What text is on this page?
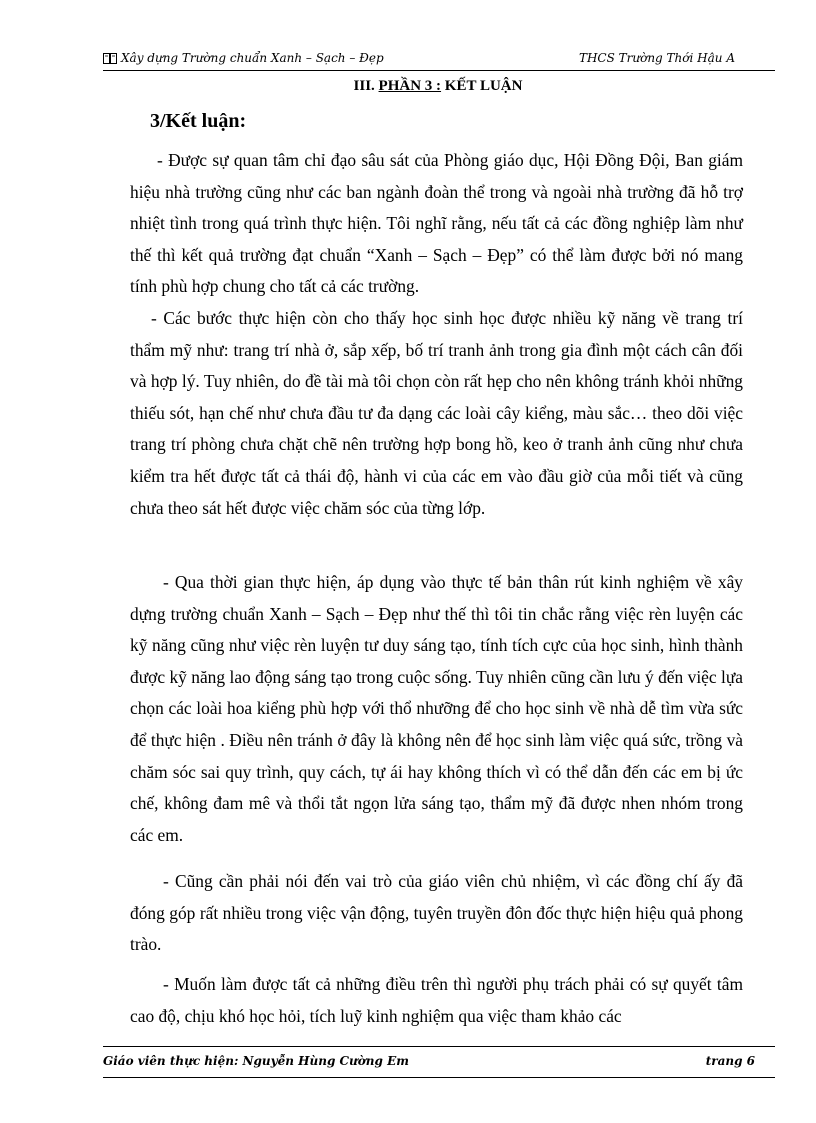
Xây dựng Trường chuẩn Xanh – Sạch – Đẹp	THCS Trường Thới Hậu A
III. PHẦN 3 : KẾT LUẬN
3/Kết luận:

- Được sự quan tâm chỉ đạo sâu sát của Phòng giáo dục, Hội Đồng Đội, Ban giám hiệu nhà trường cũng như các ban ngành đoàn thể trong và ngoài nhà trường đã hỗ trợ nhiệt tình trong quá trình thực hiện. Tôi nghĩ rằng, nếu tất cả các đồng nghiệp làm như thế thì kết quả trường đạt chuẩn “Xanh – Sạch – Đẹp” có thể làm được bởi nó mang tính phù hợp chung cho tất cả các trường.

- Các bước thực hiện còn cho thấy học sinh học được nhiều kỹ năng về trang trí thẩm mỹ như: trang trí nhà ở, sắp xếp, bố trí tranh ảnh trong gia đình một cách cân đối và hợp lý. Tuy nhiên, do đề tài mà tôi chọn còn rất hẹp cho nên không tránh khỏi những thiếu sót, hạn chế như chưa đầu tư đa dạng các loài cây kiểng, màu sắc… theo dõi việc trang trí phòng chưa chặt chẽ nên trường hợp bong hồ, keo ở tranh ảnh cũng như chưa kiểm tra hết được tất cả thái độ, hành vi của các em vào đầu giờ của mỗi tiết và cũng chưa theo sát hết được việc chăm sóc của từng lớp.

- Qua thời gian thực hiện, áp dụng vào thực tế bản thân rút kinh nghiệm về xây dựng trường chuẩn Xanh – Sạch – Đẹp như thế thì tôi tin chắc rằng việc rèn luyện các kỹ năng cũng như việc rèn luyện tư duy sáng tạo, tính tích cực của học sinh, hình thành được kỹ năng lao động sáng tạo trong cuộc sống. Tuy nhiên cũng cần lưu ý đến việc lựa chọn các loài hoa kiểng phù hợp với thổ nhưỡng để cho học sinh về nhà dễ tìm vừa sức để thực hiện . Điều nên tránh ở đây là không nên để học sinh làm việc quá sức, trồng và chăm sóc sai quy trình, quy cách, tự ái hay không thích vì có thể dẫn đến các em bị ức chế, không đam mê và thổi tắt ngọn lửa sáng tạo, thẩm mỹ đã được nhen nhóm trong các em.

- Cũng cần phải nói đến vai trò của giáo viên chủ nhiệm, vì các đồng chí ấy đã đóng góp rất nhiều trong việc vận động, tuyên truyền đôn đốc thực hiện hiệu quả phong trào.

- Muốn làm được tất cả những điều trên thì người phụ trách phải có sự quyết tâm cao độ, chịu khó học hỏi, tích luỹ kinh nghiệm qua việc tham khảo các

Giáo viên thực hiện: Nguyễn Hùng Cường Em	trang 6
